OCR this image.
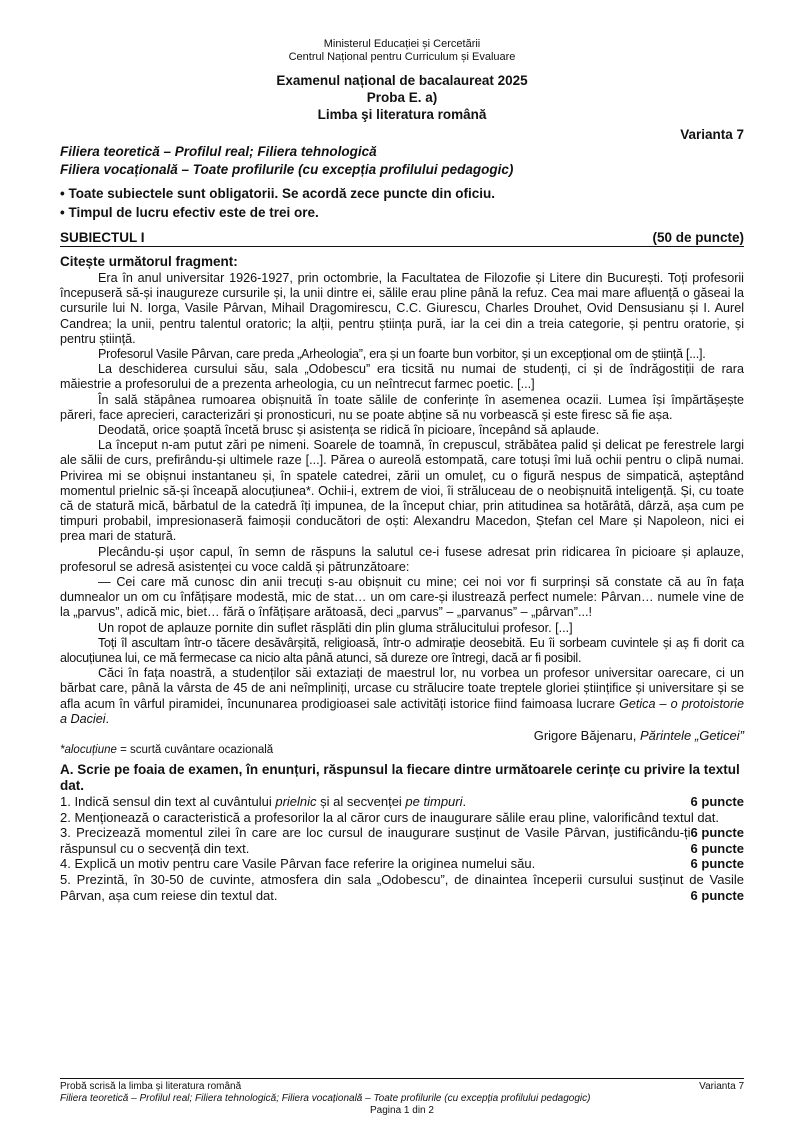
Ministerul Educației și Cercetării
Centrul Național pentru Curriculum și Evaluare
Examenul național de bacalaureat 2025
Proba E. a)
Limba şi literatura română
Varianta 7
Filiera teoretică – Profilul real; Filiera tehnologică
Filiera vocațională – Toate profilurile (cu excepția profilului pedagogic)
• Toate subiectele sunt obligatorii. Se acordă zece puncte din oficiu.
• Timpul de lucru efectiv este de trei ore.
SUBIECTUL I	(50 de puncte)
Citește următorul fragment:

Era în anul universitar 1926-1927, prin octombrie, la Facultatea de Filozofie și Litere din București. Toți profesorii începuseră să-și inaugureze cursurile și, la unii dintre ei, sălile erau pline până la refuz. Cea mai mare afluență o găseai la cursurile lui N. Iorga, Vasile Pârvan, Mihail Dragomirescu, C.C. Giurescu, Charles Drouhet, Ovid Densusianu și I. Aurel Candrea; la unii, pentru talentul oratoric; la alții, pentru știința pură, iar la cei din a treia categorie, și pentru oratorie, și pentru știință.

Profesorul Vasile Pârvan, care preda „Arheologia”, era și un foarte bun vorbitor, și un excepțional om de știință [...].

La deschiderea cursului său, sala „Odobescu” era ticsită nu numai de studenți, ci și de îndrăgostiții de rara măiestrie a profesorului de a prezenta arheologia, cu un neîntrecut farmec poetic. [...]

În sală stăpânea rumoarea obișnuită în toate sălile de conferințe în asemenea ocazii. Lumea își împărtășește păreri, face aprecieri, caracterizări și pronosticuri, nu se poate abține să nu vorbească și este firesc să fie așa.

Deodată, orice șoaptă încetă brusc și asistența se ridică în picioare, începând să aplaude.

La început n-am putut zări pe nimeni. Soarele de toamnă, în crepuscul, străbătea palid și delicat pe ferestrele largi ale sălii de curs, prefirându-și ultimele raze [...]. Părea o aureolă estompată, care totuși îmi luă ochii pentru o clipă numai. Privirea mi se obișnui instantaneu și, în spatele catedrei, zării un omuleț, cu o figură nespus de simpatică, așteptând momentul prielnic să-și înceapă alocuțiunea*. Ochii-i, extrem de vioi, îi străluceau de o neobișnuită inteligență. Și, cu toate că de statură mică, bărbatul de la catedră îți impunea, de la început chiar, prin atitudinea sa hotărâtă, dârză, așa cum pe timpuri probabil, impresionaseră faimoșii conducători de oști: Alexandru Macedon, Ștefan cel Mare și Napoleon, nici ei prea mari de statură.

Plecându-și ușor capul, în semn de răspuns la salutul ce-i fusese adresat prin ridicarea în picioare și aplauze, profesorul se adresă asistenței cu voce caldă și pătrunzătoare:

— Cei care mă cunosc din anii trecuți s-au obișnuit cu mine; cei noi vor fi surprinși să constate că au în fața dumnealor un om cu înfățișare modestă, mic de stat… un om care-și ilustrează perfect numele: Pârvan… numele vine de la „parvus”, adică mic, biet… fără o înfățișare arătoasă, deci „parvus” – „parvanus” – „pârvan”...!

Un ropot de aplauze pornite din suflet răsplăti din plin gluma strălucitului profesor. [...]

Toți îl ascultam într-o tăcere desăvârșită, religioasă, într-o admirație deosebită. Eu îi sorbeam cuvintele și aș fi dorit ca alocuțiunea lui, ce mă fermecase ca nicio alta până atunci, să dureze ore întregi, dacă ar fi posibil.

Căci în fața noastră, a studenților săi extaziați de maestrul lor, nu vorbea un profesor universitar oarecare, ci un bărbat care, până la vârsta de 45 de ani neîmpliniți, urcase cu strălucire toate treptele gloriei științifice și universitare și se afla acum în vârful piramidei, încununarea prodigioasei sale activități istorice fiind faimoasa lucrare Getica – o protoistorie a Daciei.

Grigore Băjenaru, Părintele „Geticei”
*alocuțiune = scurtă cuvântare ocazională
A. Scrie pe foaia de examen, în enunțuri, răspunsul la fiecare dintre următoarele cerințe cu privire la textul dat.
1. Indică sensul din text al cuvântului prielnic și al secvenței pe timpuri.	6 puncte
2. Menționează o caracteristică a profesorilor la al căror curs de inaugurare sălile erau pline, valorificând textul dat.
6 puncte
3. Precizează momentul zilei în care are loc cursul de inaugurare susținut de Vasile Pârvan, justificându-ți răspunsul cu o secvență din text.	6 puncte
4. Explică un motiv pentru care Vasile Pârvan face referire la originea numelui său.	6 puncte
5. Prezintă, în 30-50 de cuvinte, atmosfera din sala „Odobescu”, de dinaintea începerii cursului susținut de Vasile Pârvan, așa cum reiese din textul dat.	6 puncte
Probă scrisă la limba și literatura română	Varianta 7
Filiera teoretică – Profilul real; Filiera tehnologică; Filiera vocațională – Toate profilurile (cu excepția profilului pedagogic)
Pagina 1 din 2
